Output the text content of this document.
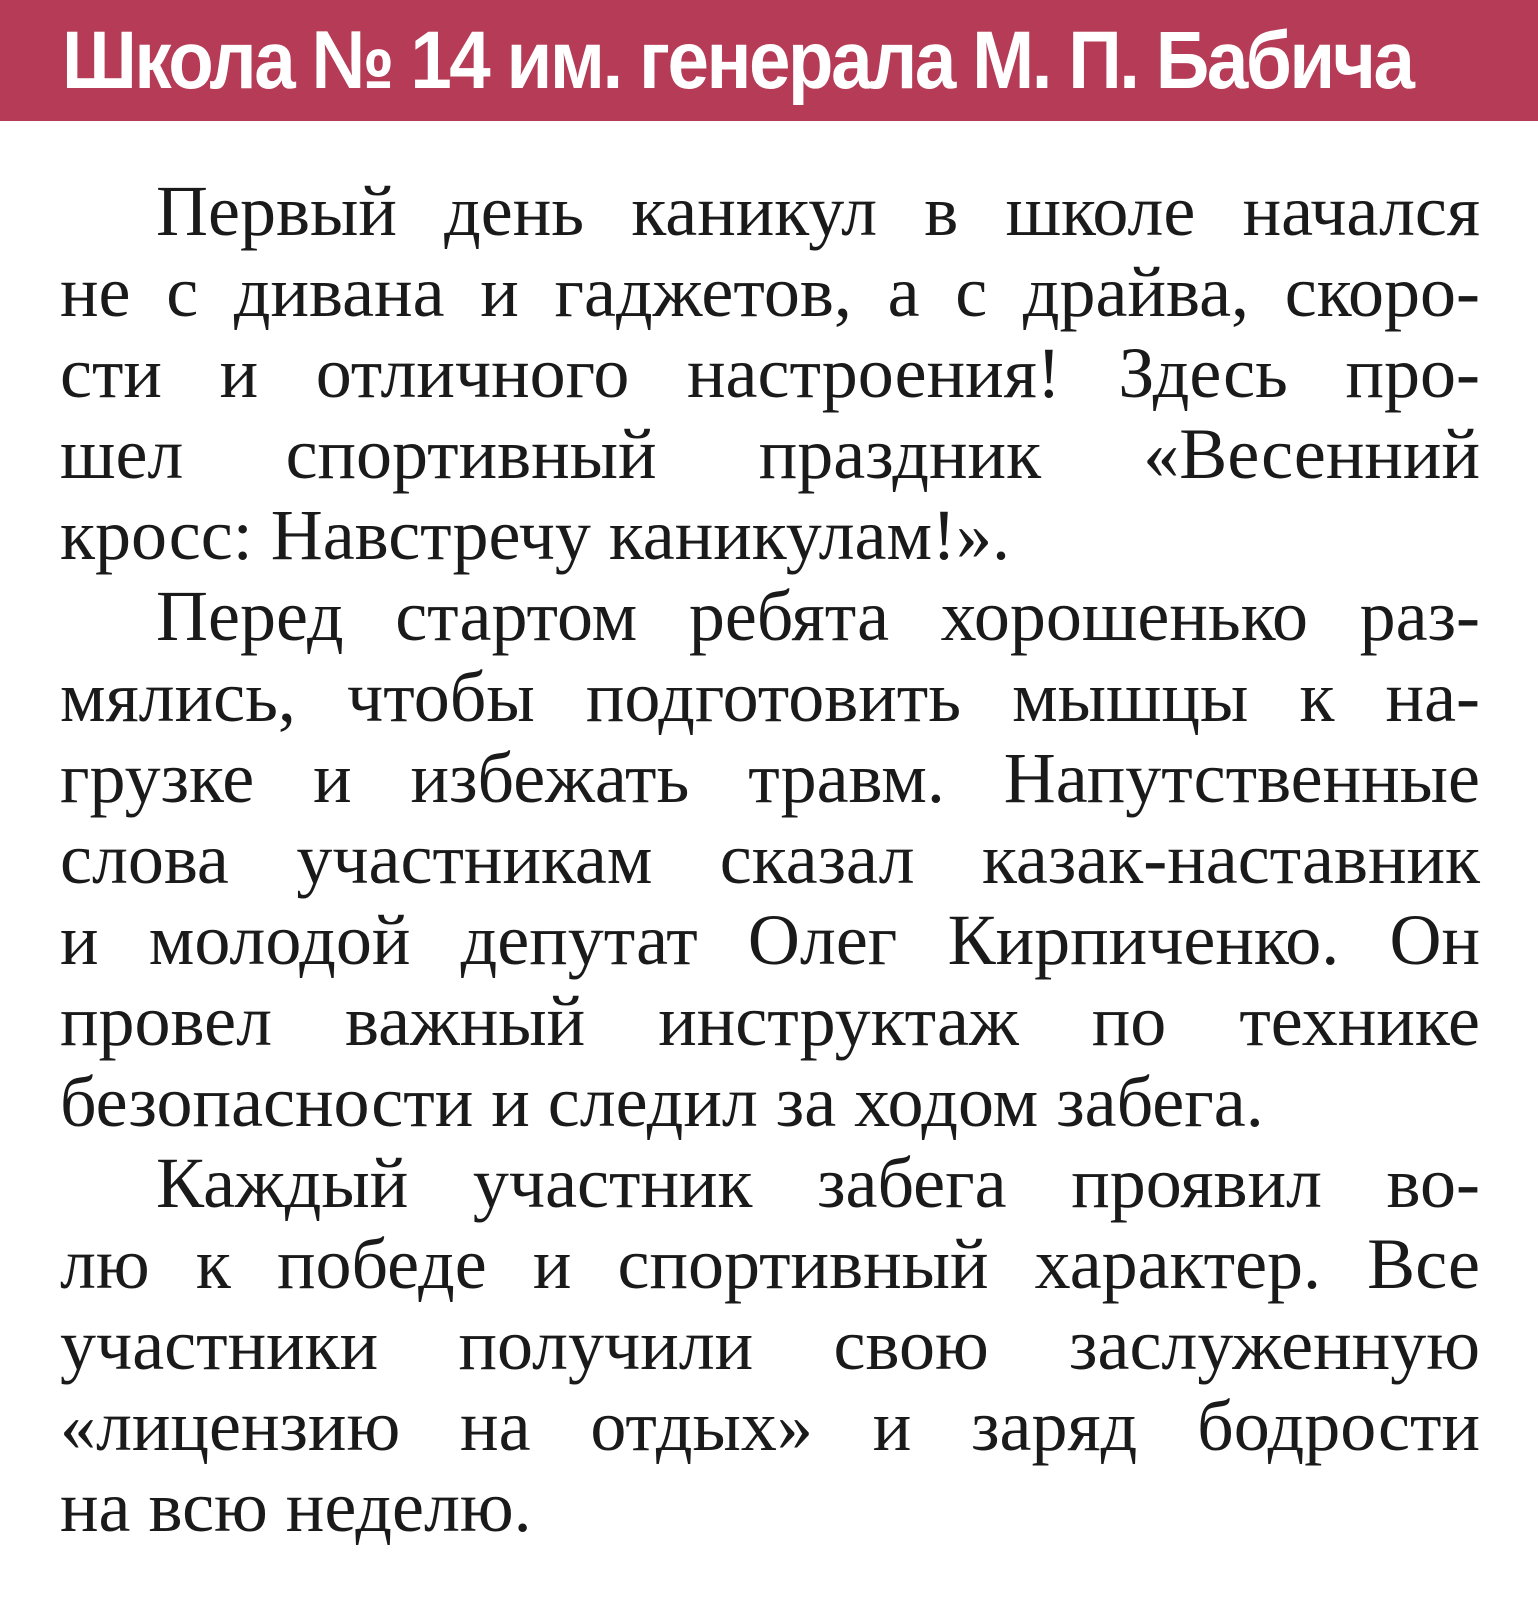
Школа № 14 им. генерала М. П. Бабича
Первый день каникул в школе начался
не с дивана и гаджетов, а с драйва, скоро-
сти и отличного настроения! Здесь про-
шел спортивный праздник «Весенний
кросс: Навстречу каникулам!».
Перед стартом ребята хорошенько раз-
мялись, чтобы подготовить мышцы к на-
грузке и избежать травм. Напутственные
слова участникам сказал казак-наставник
и молодой депутат Олег Кирпиченко. Он
провел важный инструктаж по технике
безопасности и следил за ходом забега.
Каждый участник забега проявил во-
лю к победе и спортивный характер. Все
участники получили свою заслуженную
«лицензию на отдых» и заряд бодрости
на всю неделю.
